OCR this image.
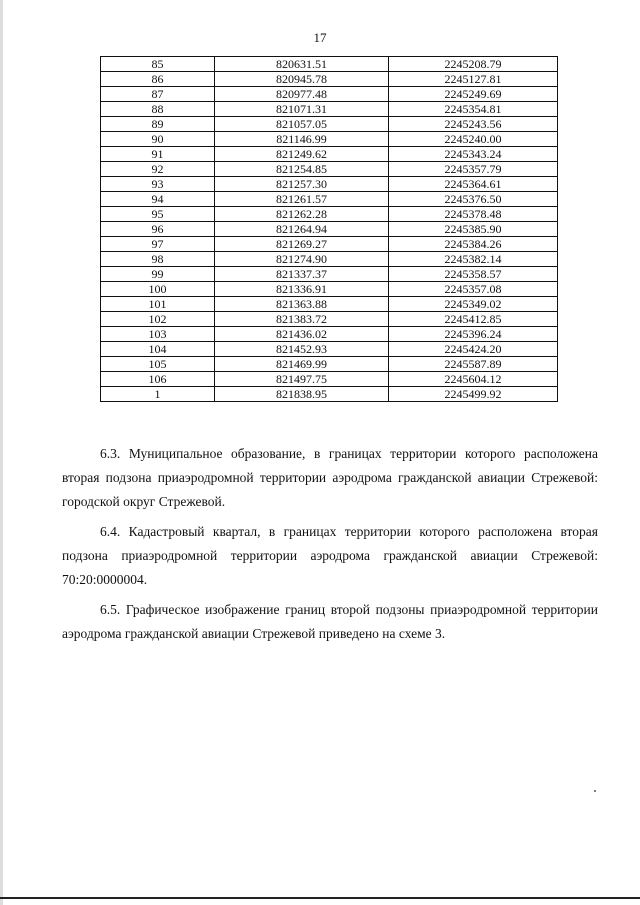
17
85	820631.51	2245208.79
86	820945.78	2245127.81
87	820977.48	2245249.69
88	821071.31	2245354.81
89	821057.05	2245243.56
90	821146.99	2245240.00
91	821249.62	2245343.24
92	821254.85	2245357.79
93	821257.30	2245364.61
94	821261.57	2245376.50
95	821262.28	2245378.48
96	821264.94	2245385.90
97	821269.27	2245384.26
98	821274.90	2245382.14
99	821337.37	2245358.57
100	821336.91	2245357.08
101	821363.88	2245349.02
102	821383.72	2245412.85
103	821436.02	2245396.24
104	821452.93	2245424.20
105	821469.99	2245587.89
106	821497.75	2245604.12
1	821838.95	2245499.92

6.3. Муниципальное образование, в границах территории которого расположена вторая подзона приаэродромной территории аэродрома гражданской авиации Стрежевой: городской округ Стрежевой.

6.4. Кадастровый квартал, в границах территории которого расположена вторая подзона приаэродромной территории аэродрома гражданской авиации Стрежевой: 70:20:0000004.

6.5. Графическое изображение границ второй подзоны приаэродромной территории аэродрома гражданской авиации Стрежевой приведено на схеме 3.
